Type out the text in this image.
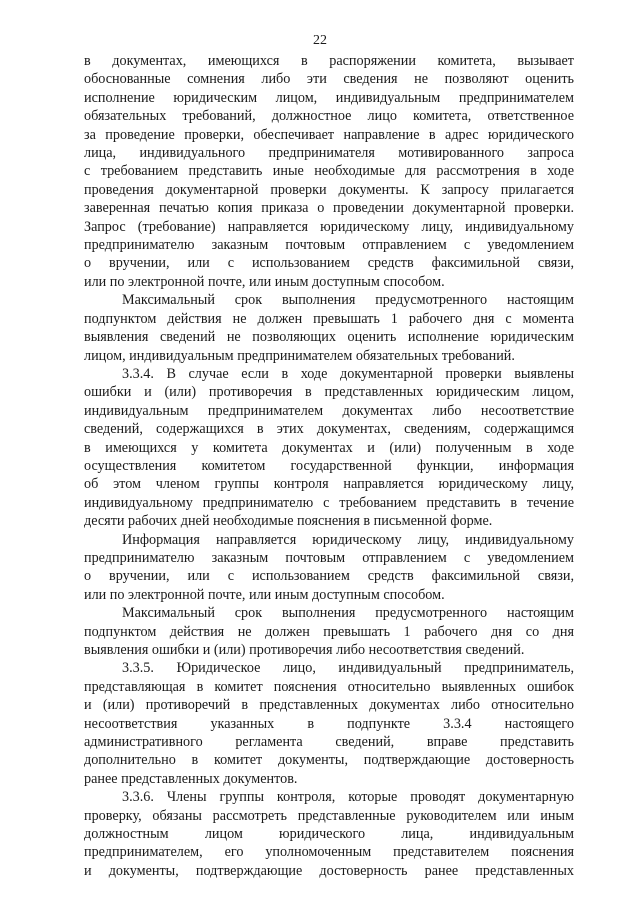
22
в документах, имеющихся в распоряжении комитета, вызывает
обоснованные сомнения либо эти сведения не позволяют оценить
исполнение юридическим лицом, индивидуальным предпринимателем
обязательных требований, должностное лицо комитета, ответственное
за проведение проверки, обеспечивает направление в адрес юридического
лица, индивидуального предпринимателя мотивированного запроса
с требованием представить иные необходимые для рассмотрения в ходе
проведения документарной проверки документы. К запросу прилагается
заверенная печатью копия приказа о проведении документарной проверки.
Запрос (требование) направляется юридическому лицу, индивидуальному
предпринимателю заказным почтовым отправлением с уведомлением
о вручении, или с использованием средств факсимильной связи,
или по электронной почте, или иным доступным способом.
Максимальный срок выполнения предусмотренного настоящим
подпунктом действия не должен превышать 1 рабочего дня с момента
выявления сведений не позволяющих оценить исполнение юридическим
лицом, индивидуальным предпринимателем обязательных требований.
3.3.4. В случае если в ходе документарной проверки выявлены
ошибки и (или) противоречия в представленных юридическим лицом,
индивидуальным предпринимателем документах либо несоответствие
сведений, содержащихся в этих документах, сведениям, содержащимся
в имеющихся у комитета документах и (или) полученным в ходе
осуществления комитетом государственной функции, информация
об этом членом группы контроля направляется юридическому лицу,
индивидуальному предпринимателю с требованием представить в течение
десяти рабочих дней необходимые пояснения в письменной форме.
Информация направляется юридическому лицу, индивидуальному
предпринимателю заказным почтовым отправлением с уведомлением
о вручении, или с использованием средств факсимильной связи,
или по электронной почте, или иным доступным способом.
Максимальный срок выполнения предусмотренного настоящим
подпунктом действия не должен превышать 1 рабочего дня со дня
выявления ошибки и (или) противоречия либо несоответствия сведений.
3.3.5. Юридическое лицо, индивидуальный предприниматель,
представляющая в комитет пояснения относительно выявленных ошибок
и (или) противоречий в представленных документах либо относительно
несоответствия указанных в подпункте 3.3.4 настоящего
административного регламента сведений, вправе представить
дополнительно в комитет документы, подтверждающие достоверность
ранее представленных документов.
3.3.6. Члены группы контроля, которые проводят документарную
проверку, обязаны рассмотреть представленные руководителем или иным
должностным лицом юридического лица, индивидуальным
предпринимателем, его уполномоченным представителем пояснения
и документы, подтверждающие достоверность ранее представленных
